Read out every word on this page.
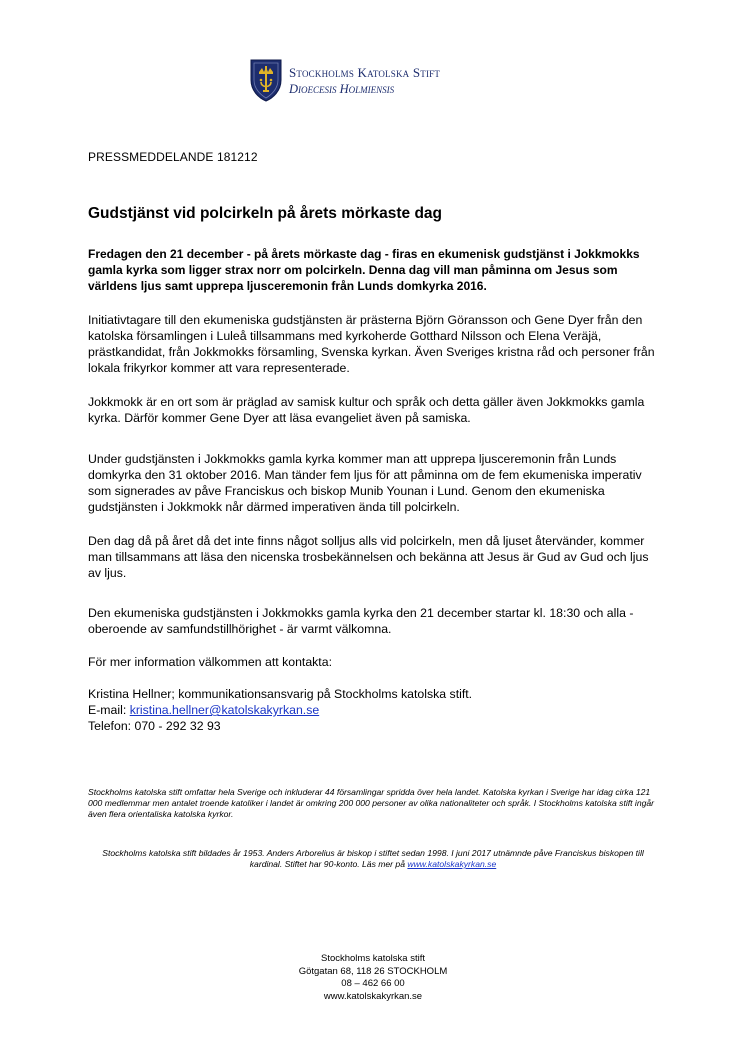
Stockholms Katolska Stift
Dioecesis Holmiensis
PRESSMEDDELANDE 181212
Gudstjänst vid polcirkeln på årets mörkaste dag
Fredagen den 21 december - på årets mörkaste dag - firas en ekumenisk gudstjänst i Jokkmokks gamla kyrka som ligger strax norr om polcirkeln. Denna dag vill man påminna om Jesus som världens ljus samt upprepa ljusceremonin från Lunds domkyrka 2016.
Initiativtagare till den ekumeniska gudstjänsten är prästerna Björn Göransson och Gene Dyer från den katolska församlingen i Luleå tillsammans med kyrkoherde Gotthard Nilsson och Elena Veräjä, prästkandidat, från Jokkmokks församling, Svenska kyrkan. Även Sveriges kristna råd och personer från lokala frikyrkor kommer att vara representerade.
Jokkmokk är en ort som är präglad av samisk kultur och språk och detta gäller även Jokkmokks gamla kyrka. Därför kommer Gene Dyer att läsa evangeliet även på samiska.
Under gudstjänsten i Jokkmokks gamla kyrka kommer man att upprepa ljusceremonin från Lunds domkyrka den 31 oktober 2016. Man tänder fem ljus för att påminna om de fem ekumeniska imperativ som signerades av påve Franciskus och biskop Munib Younan i Lund. Genom den ekumeniska gudstjänsten i Jokkmokk når därmed imperativen ända till polcirkeln.
Den dag då på året då det inte finns något solljus alls vid polcirkeln, men då ljuset återvänder, kommer man tillsammans att läsa den nicenska trosbekännelsen och bekänna att Jesus är Gud av Gud och ljus av ljus.
Den ekumeniska gudstjänsten i Jokkmokks gamla kyrka den 21 december startar kl. 18:30 och alla - oberoende av samfundstillhörighet - är varmt välkomna.
För mer information välkommen att kontakta:
Kristina Hellner; kommunikationsansvarig på Stockholms katolska stift.
E-mail: kristina.hellner@katolskakyrkan.se
Telefon: 070 - 292 32 93
Stockholms katolska stift omfattar hela Sverige och inkluderar 44 församlingar spridda över hela landet. Katolska kyrkan i Sverige har idag cirka 121 000 medlemmar men antalet troende katoliker i landet är omkring 200 000 personer av olika nationaliteter och språk. I Stockholms katolska stift ingår även flera orientaliska katolska kyrkor.
Stockholms katolska stift bildades år 1953. Anders Arborelius är biskop i stiftet sedan 1998. I juni 2017 utnämnde påve Franciskus biskopen till kardinal. Stiftet har 90-konto. Läs mer på www.katolskakyrkan.se
Stockholms katolska stift
Götgatan 68, 118 26 STOCKHOLM
08 – 462 66 00
www.katolskakyrkan.se
